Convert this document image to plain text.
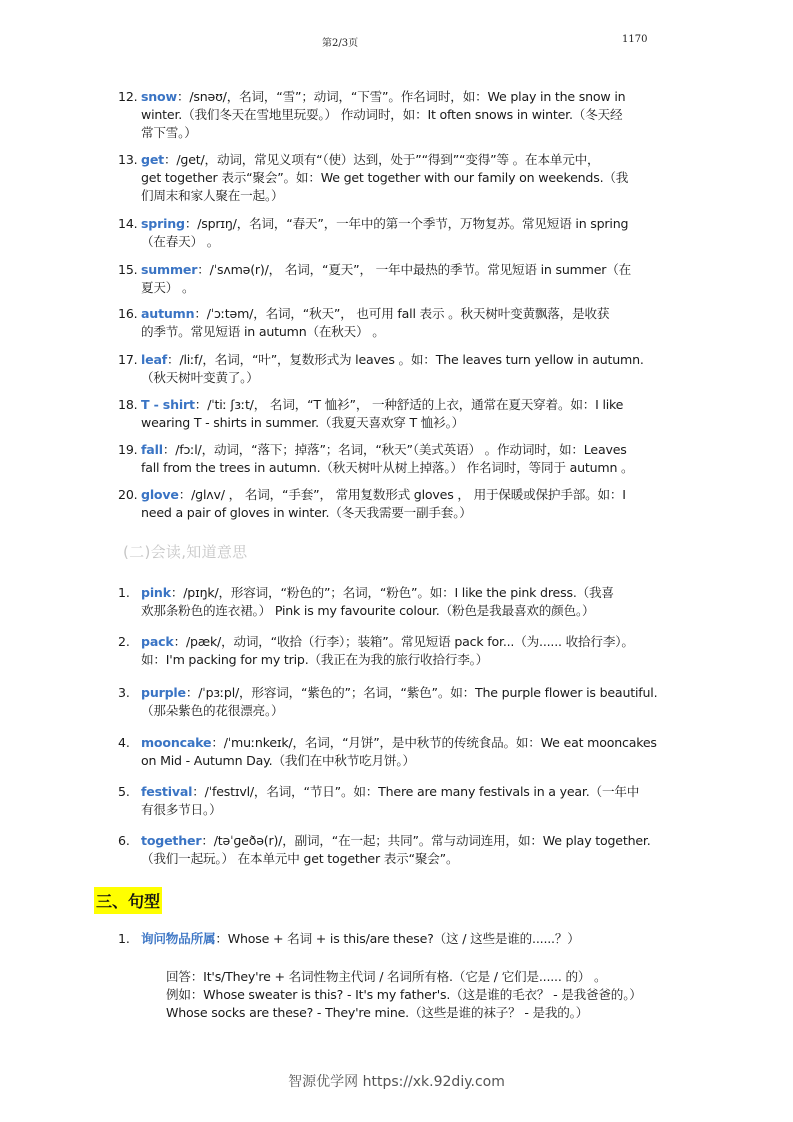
第2/3页	1170
12. snow：/snəʊ/，名词，“雪”；动词，“下雪”。作名词时，如：We play in the snow in
winter.（我们冬天在雪地里玩耍。） 作动词时，如：It often snows in winter.（冬天经
常下雪。）
13. get：/ɡet/，动词，常见义项有“（使）达到，处于”“得到”“变得”等 。在本单元中，
get together 表示“聚会”。如：We get together with our family on weekends.（我
们周末和家人聚在一起。）
14. spring：/sprɪŋ/，名词，“春天”，一年中的第一个季节，万物复苏。常见短语 in spring
（在春天） 。
15. summer：/ˈsʌmə(r)/， 名词，“夏天”， 一年中最热的季节。常见短语 in summer（在
夏天） 。
16. autumn：/ˈɔːtəm/，名词，“秋天”， 也可用 fall 表示 。秋天树叶变黄飘落，是收获
的季节。常见短语 in autumn（在秋天） 。
17. leaf：/liːf/，名词，“叶”，复数形式为 leaves 。如：The leaves turn yellow in autumn.
（秋天树叶变黄了。）
18. T - shirt：/ˈtiː ʃɜːt/， 名词，“T 恤衫”， 一种舒适的上衣，通常在夏天穿着。如：I like
wearing T - shirts in summer.（我夏天喜欢穿 T 恤衫。）
19. fall：/fɔːl/，动词，“落下；掉落”；名词，“秋天”（美式英语） 。作动词时，如：Leaves
fall from the trees in autumn.（秋天树叶从树上掉落。） 作名词时，等同于 autumn 。
20. glove：/ɡlʌv/ ， 名词，“手套”， 常用复数形式 gloves ， 用于保暖或保护手部。如：I
need a pair of gloves in winter.（冬天我需要一副手套。）
1. pink：/pɪŋk/，形容词，“粉色的”；名词，“粉色”。如：I like the pink dress.（我喜
欢那条粉色的连衣裙。） Pink is my favourite colour.（粉色是我最喜欢的颜色。）
2. pack：/pæk/，动词，“收拾（行李）；装箱”。常见短语 pack for...（为...... 收拾行李）。
如：I'm packing for my trip.（我正在为我的旅行收拾行李。）
3. purple：/ˈpɜːpl/，形容词，“紫色的”；名词，“紫色”。如：The purple flower is beautiful.
（那朵紫色的花很漂亮。）
4. mooncake：/ˈmuːnkeɪk/，名词，“月饼”，是中秋节的传统食品。如：We eat mooncakes
on Mid - Autumn Day.（我们在中秋节吃月饼。）
5. festival：/ˈfestɪvl/，名词，“节日”。如：There are many festivals in a year.（一年中
有很多节日。）
6. together：/təˈɡeðə(r)/，副词，“在一起；共同”。常与动词连用，如：We play together.
（我们一起玩。） 在本单元中 get together 表示“聚会”。
1. 询问物品所属：Whose + 名词 + is this/are these?（这 / 这些是谁的......？）
(二)会读,知道意思
三、句型
智源优学网 https://xk.92diy.com
回答：It's/They're + 名词性物主代词 / 名词所有格.（它是 / 它们是...... 的） 。
例如：Whose sweater is this? - It's my father's.（这是谁的毛衣？ - 是我爸爸的。）
Whose socks are these? - They're mine.（这些是谁的袜子？ - 是我的。）
